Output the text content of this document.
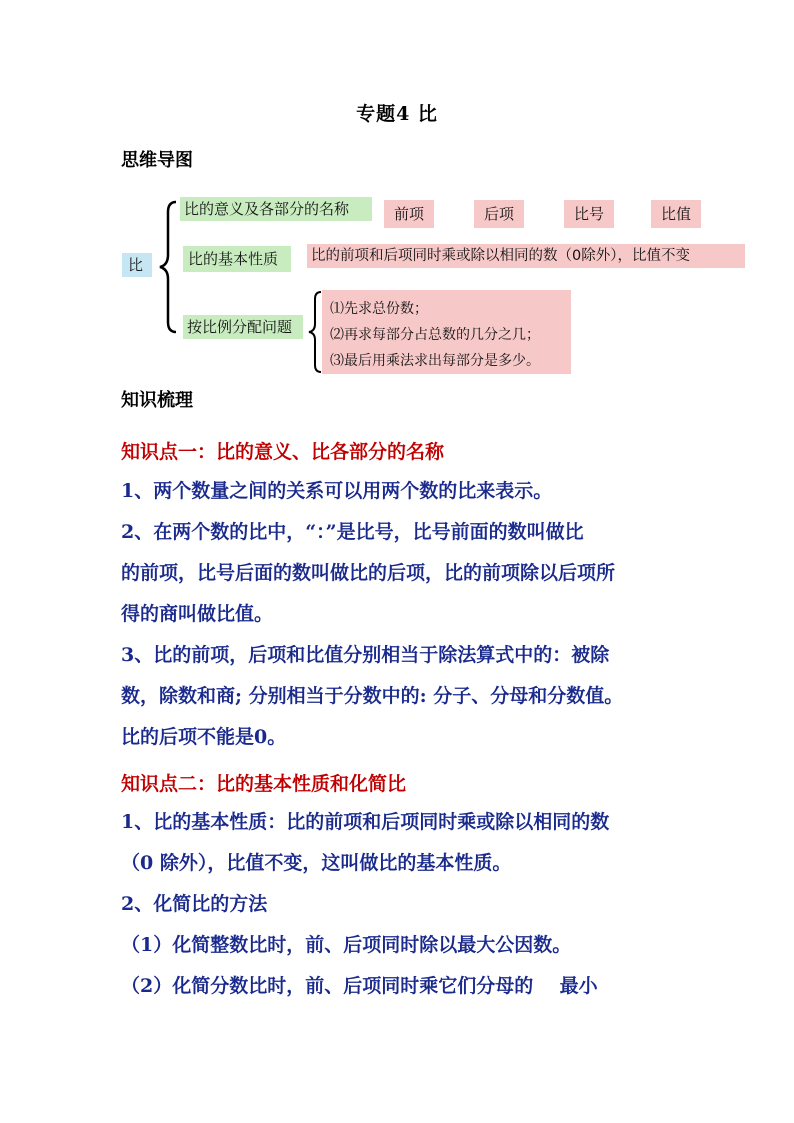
专题4 比
思维导图
比
比的意义及各部分的名称	前项	后项	比号	比值
比的基本性质	比的前项和后项同时乘或除以相同的数（0除外），比值不变
按比例分配问题
⑴先求总份数；
⑵再求每部分占总数的几分之几；
⑶最后用乘法求出每部分是多少。
知识梳理
知识点一：比的意义、比各部分的名称
1、两个数量之间的关系可以用两个数的比来表示。
2、在两个数的比中，“：”是比号，比号前面的数叫做比
的前项，比号后面的数叫做比的后项，比的前项除以后项所
得的商叫做比值。
3、比的前项，后项和比值分别相当于除法算式中的：被除
数，除数和商; 分别相当于分数中的: 分子、分母和分数值。
比的后项不能是0。
知识点二：比的基本性质和化简比
1、比的基本性质：比的前项和后项同时乘或除以相同的数
（0 除外），比值不变，这叫做比的基本性质。
2、化简比的方法
（1）化简整数比时，前、后项同时除以最大公因数。
（2）化简分数比时，前、后项同时乘它们分母的    最小
